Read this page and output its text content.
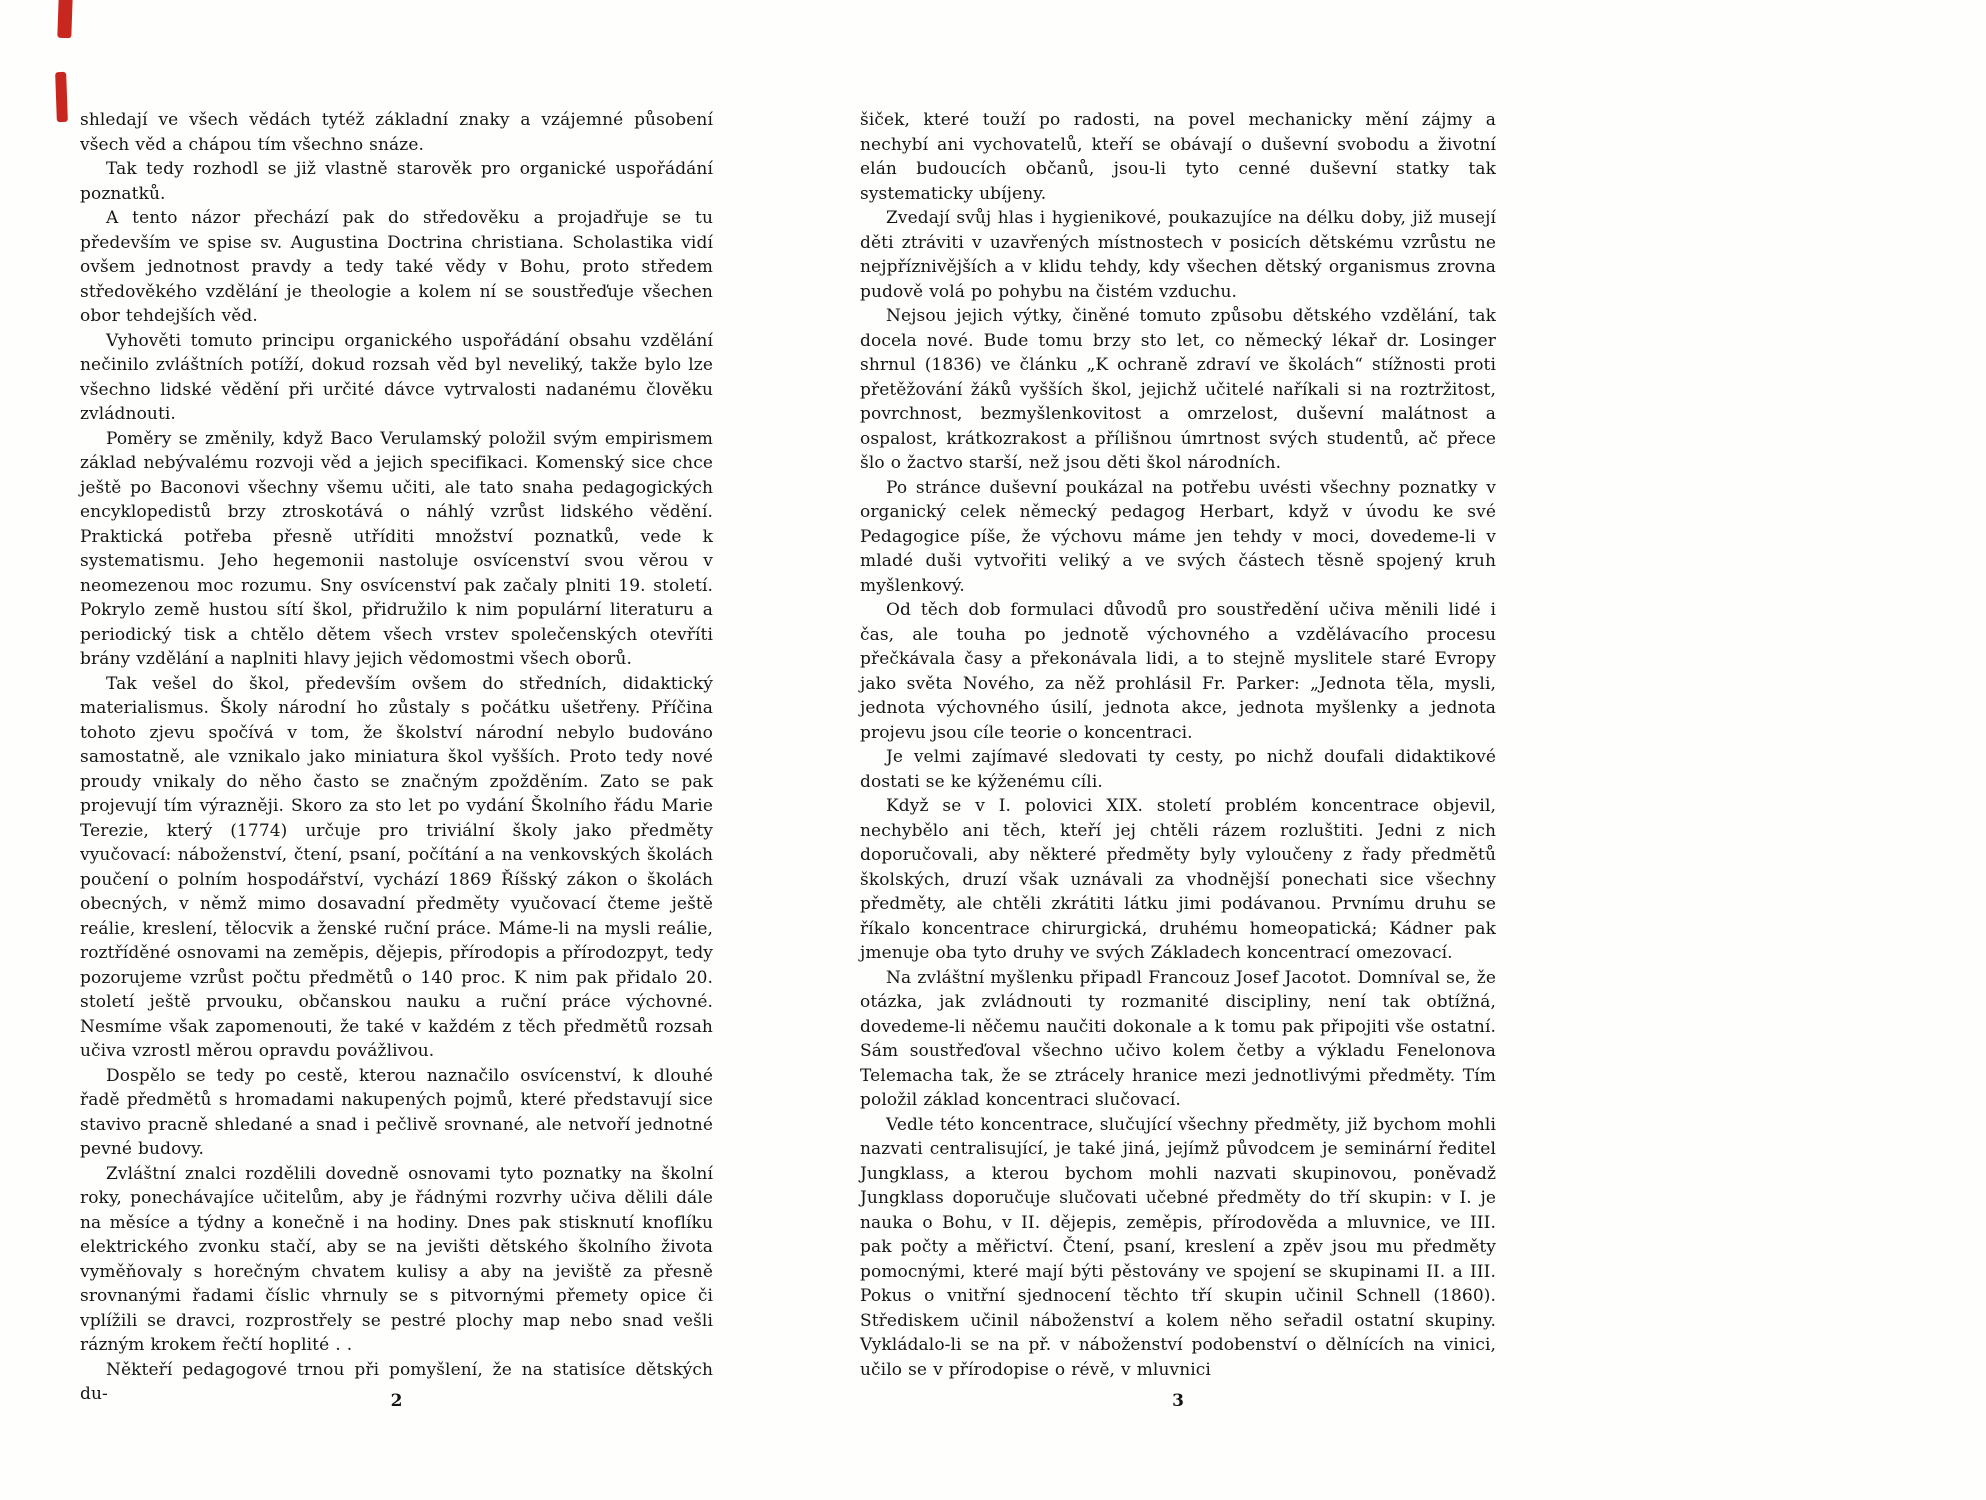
shledají ve všech vědách tytéž základní znaky a vzájemné působení všech věd a chápou tím všechno snáze.

Tak tedy rozhodl se již vlastně starověk pro organické uspořádání poznatků.

A tento názor přechází pak do středověku a projadřuje se tu především ve spise sv. Augustina Doctrina christiana. Scholastika vidí ovšem jednotnost pravdy a tedy také vědy v Bohu, proto středem středověkého vzdělání je theologie a kolem ní se soustřeďuje všechen obor tehdejších věd.

Vyhověti tomuto principu organického uspořádání obsahu vzdělání nečinilo zvláštních potíží, dokud rozsah věd byl neveliký, takže bylo lze všechno lidské vědění při určité dávce vytrvalosti nadanému člověku zvládnouti.

Poměry se změnily, když Baco Verulamský položil svým empirismem základ nebývalému rozvoji věd a jejich specifikaci. Komenský sice chce ještě po Baconovi všechny všemu učiti, ale tato snaha pedagogických encyklopedistů brzy ztroskotává o náhlý vzrůst lidského vědění. Praktická potřeba přesně utříditi množství poznatků, vede k systematismu. Jeho hegemonii nastoluje osvícenství svou věrou v neomezenou moc rozumu. Sny osvícenství pak začaly plniti 19. století. Pokrylo země hustou sítí škol, přidružilo k nim populární literaturu a periodický tisk a chtělo dětem všech vrstev společenských otevříti brány vzdělání a naplniti hlavy jejich vědomostmi všech oborů.

Tak vešel do škol, především ovšem do středních, didaktický materialismus. Školy národní ho zůstaly s počátku ušetřeny. Příčina tohoto zjevu spočívá v tom, že školství národní nebylo budováno samostatně, ale vznikalo jako miniatura škol vyšších. Proto tedy nové proudy vnikaly do něho často se značným zpožděním. Zato se pak projevují tím výrazněji. Skoro za sto let po vydání Školního řádu Marie Terezie, který (1774) určuje pro triviální školy jako předměty vyučovací: náboženství, čtení, psaní, počítání a na venkovských školách poučení o polním hospodářství, vychází 1869 Říšský zákon o školách obecných, v němž mimo dosavadní předměty vyučovací čteme ještě reálie, kreslení, tělocvik a ženské ruční práce. Máme-li na mysli reálie, roztříděné osnovami na zeměpis, dějepis, přírodopis a přírodozpyt, tedy pozorujeme vzrůst počtu předmětů o 140 proc. K nim pak přidalo 20. století ještě prvouku, občanskou nauku a ruční práce výchovné. Nesmíme však zapomenouti, že také v každém z těch předmětů rozsah učiva vzrostl měrou opravdu povážlivou.

Dospělo se tedy po cestě, kterou naznačilo osvícenství, k dlouhé řadě předmětů s hromadami nakupených pojmů, které představují sice stavivo pracně shledané a snad i pečlivě srovnané, ale netvoří jednotné pevné budovy.

Zvláštní znalci rozdělili dovedně osnovami tyto poznatky na školní roky, ponechávajíce učitelům, aby je řádnými rozvrhy učiva dělili dále na měsíce a týdny a konečně i na hodiny. Dnes pak stisknutí knoflíku elektrického zvonku stačí, aby se na jevišti dětského školního života vyměňovaly s horečným chvatem kulisy a aby na jeviště za přesně srovnanými řadami číslic vhrnuly se s pitvornými přemety opice či vplížili se dravci, rozprostřely se pestré plochy map nebo snad vešli rázným krokem řečtí hoplité . .

Někteří pedagogové trnou při pomyšlení, že na statisíce dětských du-	2

šiček, které touží po radosti, na povel mechanicky mění zájmy a nechybí ani vychovatelů, kteří se obávají o duševní svobodu a životní elán budoucích občanů, jsou-li tyto cenné duševní statky tak systematicky ubíjeny.

Zvedají svůj hlas i hygienikové, poukazujíce na délku doby, již musejí děti ztráviti v uzavřených místnostech v posicích dětskému vzrůstu ne nejpříznivějších a v klidu tehdy, kdy všechen dětský organismus zrovna pudově volá po pohybu na čistém vzduchu.

Nejsou jejich výtky, činěné tomuto způsobu dětského vzdělání, tak docela nové. Bude tomu brzy sto let, co německý lékař dr. Losinger shrnul (1836) ve článku „K ochraně zdraví ve školách“ stížnosti proti přetěžování žáků vyšších škol, jejichž učitelé naříkali si na roztržitost, povrchnost, bezmyšlenkovitost a omrzelost, duševní malátnost a ospalost, krátkozrakost a přílišnou úmrtnost svých studentů, ač přece šlo o žactvo starší, než jsou děti škol národních.

Po stránce duševní poukázal na potřebu uvésti všechny poznatky v organický celek německý pedagog Herbart, když v úvodu ke své Pedagogice píše, že výchovu máme jen tehdy v moci, dovedeme-li v mladé duši vytvořiti veliký a ve svých částech těsně spojený kruh myšlenkový.

Od těch dob formulaci důvodů pro soustředění učiva měnili lidé i čas, ale touha po jednotě výchovného a vzdělávacího procesu přečkávala časy a překonávala lidi, a to stejně myslitele staré Evropy jako světa Nového, za něž prohlásil Fr. Parker: „Jednota těla, mysli, jednota výchovného úsilí, jednota akce, jednota myšlenky a jednota projevu jsou cíle teorie o koncentraci.

Je velmi zajímavé sledovati ty cesty, po nichž doufali didaktikové dostati se ke kýženému cíli.

Když se v I. polovici XIX. století problém koncentrace objevil, nechybělo ani těch, kteří jej chtěli rázem rozluštiti. Jedni z nich doporučovali, aby některé předměty byly vyloučeny z řady předmětů školských, druzí však uznávali za vhodnější ponechati sice všechny předměty, ale chtěli zkrátiti látku jimi podávanou. Prvnímu druhu se říkalo koncentrace chirurgická, druhému homeopatická; Kádner pak jmenuje oba tyto druhy ve svých Základech koncentrací omezovací.

Na zvláštní myšlenku připadl Francouz Josef Jacotot. Domníval se, že otázka, jak zvládnouti ty rozmanité discipliny, není tak obtížná, dovedeme-li něčemu naučiti dokonale a k tomu pak připojiti vše ostatní. Sám soustřeďoval všechno učivo kolem četby a výkladu Fenelonova Telemacha tak, že se ztrácely hranice mezi jednotlivými předměty. Tím položil základ koncentraci slučovací.

Vedle této koncentrace, slučující všechny předměty, již bychom mohli nazvati centralisující, je také jiná, jejímž původcem je seminární ředitel Jungklass, a kterou bychom mohli nazvati skupinovou, poněvadž Jungklass doporučuje slučovati učebné předměty do tří skupin: v I. je nauka o Bohu, v II. dějepis, zeměpis, přírodověda a mluvnice, ve III. pak počty a měřictví. Čtení, psaní, kreslení a zpěv jsou mu předměty pomocnými, které mají býti pěstovány ve spojení se skupinami II. a III. Pokus o vnitřní sjednocení těchto tří skupin učinil Schnell (1860). Střediskem učinil náboženství a kolem něho seřadil ostatní skupiny. Vykládalo-li se na př. v náboženství podobenství o dělnících na vinici, učilo se v přírodopise o révě, v mluvnici

3
